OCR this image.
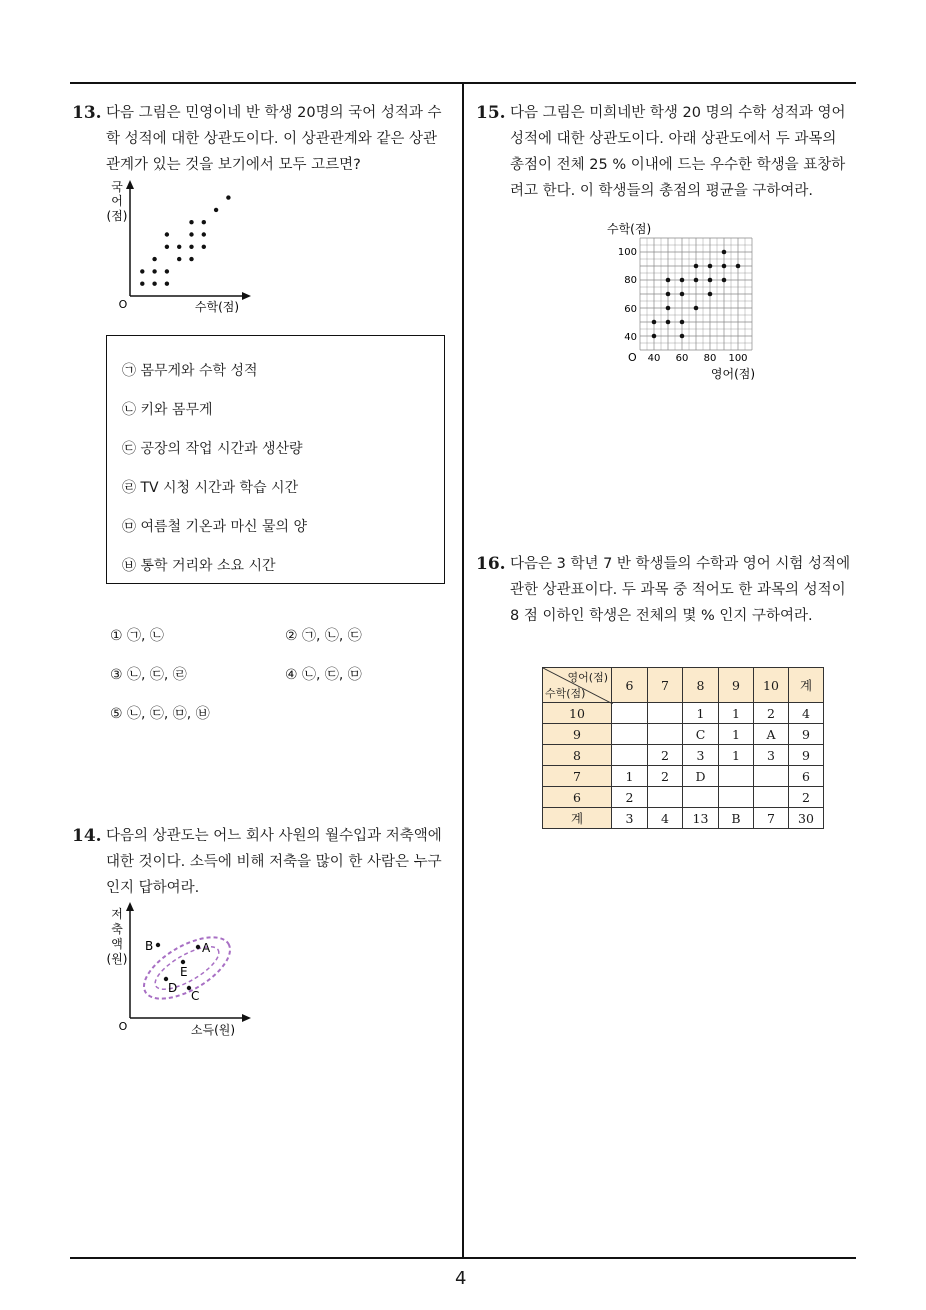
4
13. 다음 그림은 민영이네 반 학생 20명의 국어 성적과 수
학 성적에 대한 상관도이다. 이 상관관계와 같은 상관
관계가 있는 것을 보기에서 모두 고르면?
국
어
(점)
O	수학(점)
㉠ 몸무게와 수학 성적
㉡ 키와 몸무게
㉢ 공장의 작업 시간과 생산량
㉣ TV 시청 시간과 학습 시간
㉤ 여름철 기온과 마신 물의 양
㉥ 통학 거리와 소요 시간
① ㉠, ㉡	② ㉠, ㉡, ㉢
③ ㉡, ㉢, ㉣	④ ㉡, ㉢, ㉤
⑤ ㉡, ㉢, ㉤, ㉥
14. 다음의 상관도는 어느 회사 사원의 월수입과 저축액에
대한 것이다. 소득에 비해 저축을 많이 한 사람은 누구
인지 답하여라.
저
축
액
(원)
O	소득(원)
B	A
E
D
C
15. 다음 그림은 미희네반 학생 20 명의 수학 성적과 영어
성적에 대한 상관도이다. 아래 상관도에서 두 과목의
총점이 전체 25 % 이내에 드는 우수한 학생을 표창하
려고 한다. 이 학생들의 총점의 평균을 구하여라.
수학(점)
100
80
60
40
O 40 60 80 100
영어(점)
16. 다음은 3 학년 7 반 학생들의 수학과 영어 시험 성적에
관한 상관표이다. 두 과목 중 적어도 한 과목의 성적이
8 점 이하인 학생은 전체의 몇 % 인지 구하여라.
영어(점)
수학(점)	6	7	8	9	10	계
10			1	1	2	4
9			C	1	A	9
8		2	3	1	3	9
7	1	2	D			6
6	2					2
계	3	4	13	B	7	30
